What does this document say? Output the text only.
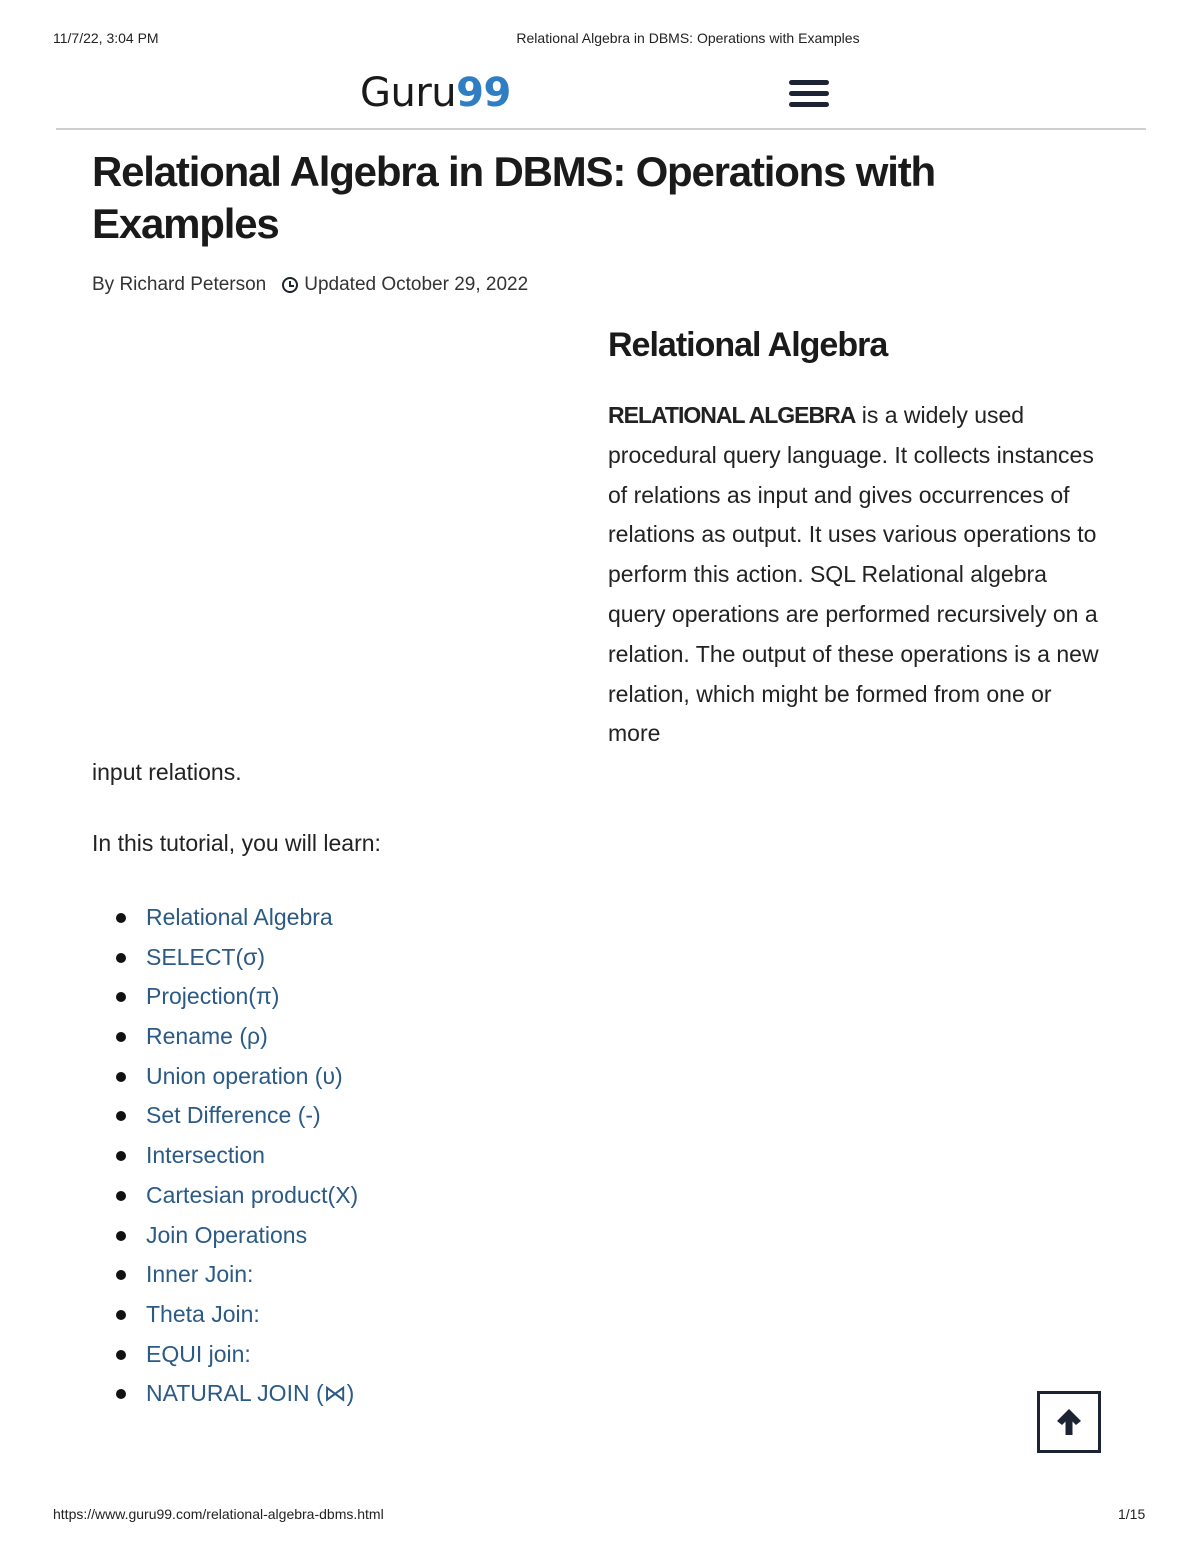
11/7/22, 3:04 PM	Relational Algebra in DBMS: Operations with Examples
Guru99
Relational Algebra in DBMS: Operations with Examples
By Richard Peterson Updated October 29, 2022
Relational Algebra

RELATIONAL ALGEBRA is a widely used procedural query language. It collects instances of relations as input and gives occurrences of relations as output. It uses various operations to perform this action. SQL Relational algebra query operations are performed recursively on a relation. The output of these operations is a new relation, which might be formed from one or more

input relations.

In this tutorial, you will learn:

Relational Algebra
SELECT(σ)
Projection(π)
Rename (ρ)
Union operation (υ)
Set Difference (-)
Intersection
Cartesian product(X)
Join Operations
Inner Join:
Theta Join:
EQUI join:
NATURAL JOIN (⋈)
https://www.guru99.com/relational-algebra-dbms.html	1/15
